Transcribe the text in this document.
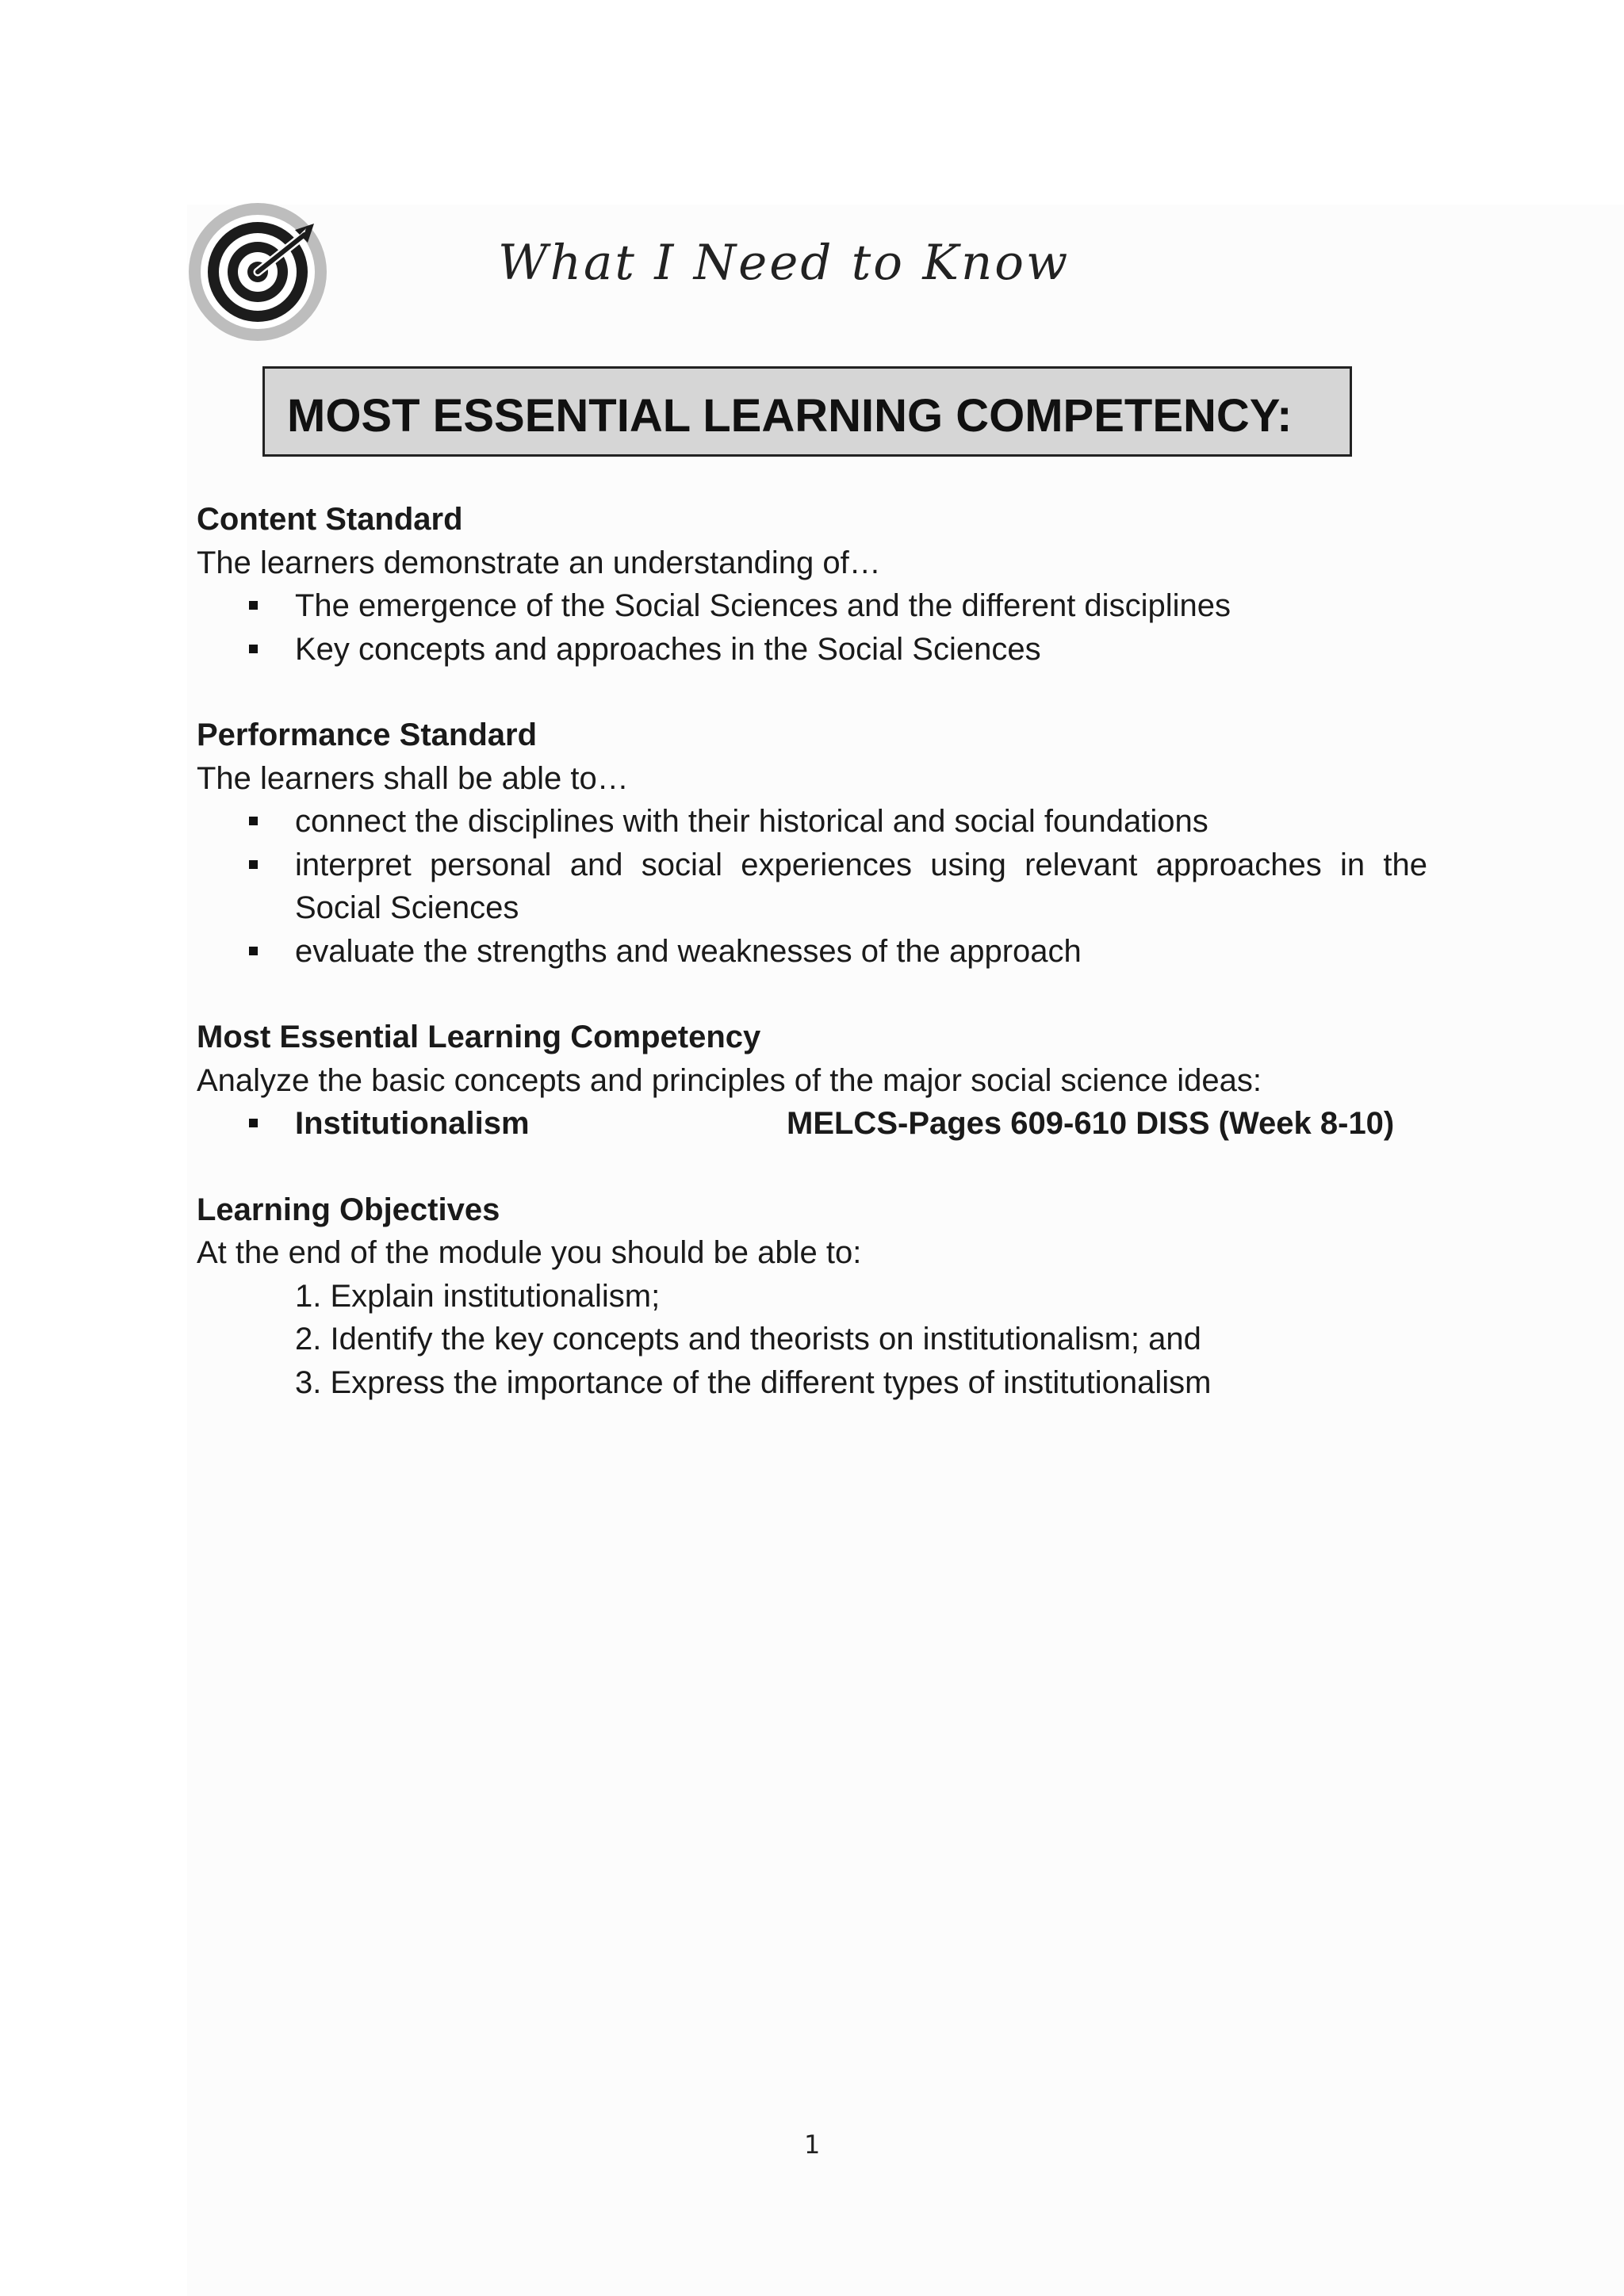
What I Need to Know
MOST ESSENTIAL LEARNING COMPETENCY:

Content Standard

The learners demonstrate an understanding of…

The emergence of the Social Sciences and the different disciplines
Key concepts and approaches in the Social Sciences

Performance Standard

The learners shall be able to…

connect the disciplines with their historical and social foundations
interpret personal and social experiences using relevant approaches in the Social Sciences
evaluate the strengths and weaknesses of the approach

Most Essential Learning Competency

Analyze the basic concepts and principles of the major social science ideas:

Institutionalism	MELCS-Pages 609-610 DISS (Week 8-10)

Learning Objectives

At the end of the module you should be able to:

1. Explain institutionalism;
2. Identify the key concepts and theorists on institutionalism; and
3. Express the importance of the different types of institutionalism
1
